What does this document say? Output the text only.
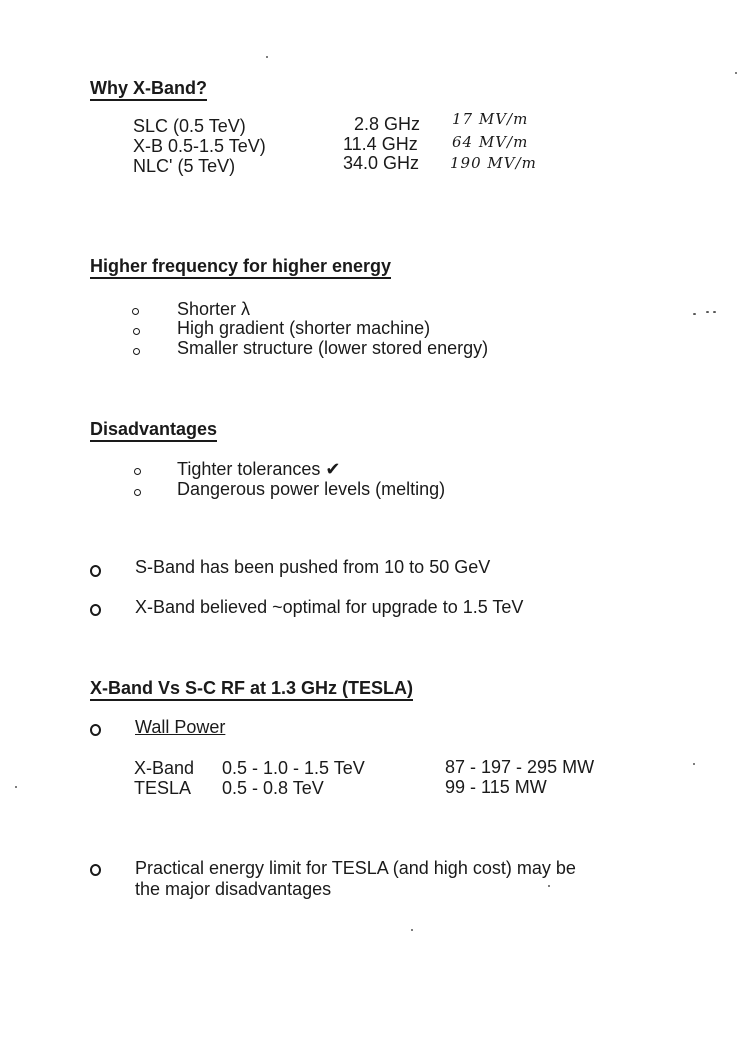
Why X-Band?
SLC (0.5 TeV)	2.8 GHz 17 MV/m
X-B 0.5-1.5 TeV)	11.4 GHz 64 MV/m
NLC' (5 TeV)	34.0 GHz 190 MV/m
Higher frequency for higher energy
Shorter λ
High gradient (shorter machine)
Smaller structure (lower stored energy)
Disadvantages
Tighter tolerances ✔
Dangerous power levels (melting)
S-Band has been pushed from 10 to 50 GeV
X-Band believed ~optimal for upgrade to 1.5 TeV
X-Band Vs S-C RF at 1.3 GHz (TESLA)
Wall Power
X-Band 0.5 - 1.0 - 1.5 TeV	87 - 197 - 295 MW
TESLA 0.5 - 0.8 TeV	99 - 115 MW
Practical energy limit for TESLA (and high cost) may be
the major disadvantages
